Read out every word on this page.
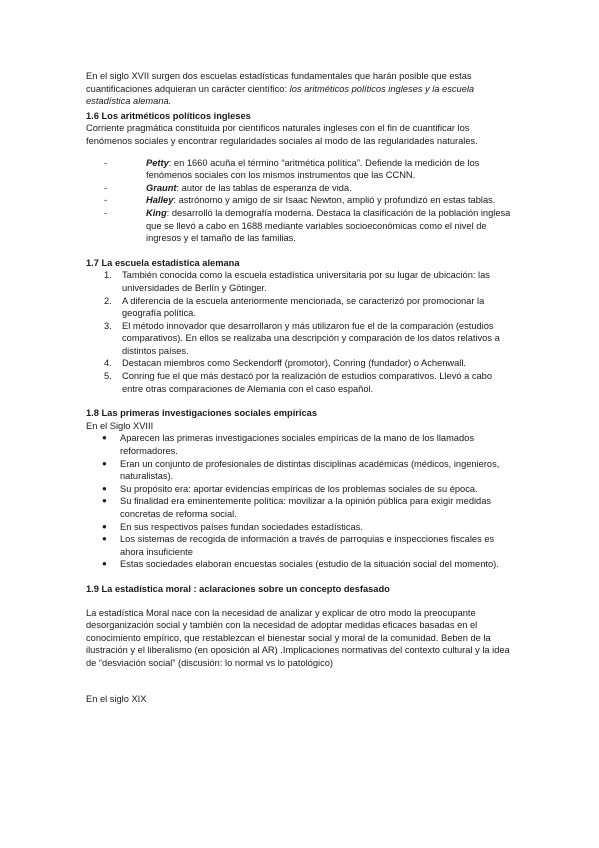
En el siglo XVII surgen dos escuelas estadísticas fundamentales que harán posible que estas cuantificaciones adquieran un carácter científico: los aritméticos políticos ingleses y la escuela estadística alemana.

1.6 Los aritméticos políticos ingleses

Corriente pragmática constituida por científicos naturales ingleses con el fin de cuantificar los fenómenos sociales y encontrar regularidades sociales al modo de las regularidades naturales.

-	Petty: en 1660 acuña el término “aritmética política”. Defiende la medición de los fenómenos sociales con los mismos instrumentos que las CCNN.
-	Graunt: autor de las tablas de esperanza de vida.
-	Halley: astrónomo y amigo de sir Isaac Newton, amplió y profundizó en estas tablas.
-	King: desarrolló la demografía moderna. Destaca la clasificación de la población inglesa que se llevó a cabo en 1688 mediante variables socioeconómicas como el nivel de ingresos y el tamaño de las familias.
1.7 La escuela estadística alemana
1. También conocida como la escuela estadística universitaria por su lugar de ubicación: las universidades de Berlín y Götinger.
2. A diferencia de la escuela anteriormente mencionada, se caracterizó por promocionar la geografía política.
3. El método innovador que desarrollaron y más utilizaron fue el de la comparación (estudios comparativos). En ellos se realizaba una descripción y comparación de los datos relativos a distintos países.
4. Destacan miembros como Seckendorff (promotor), Conring (fundador) o Achenwall.
5. Conring fue el que más destacó por la realización de estudios comparativos. Llevó a cabo entre otras comparaciones de Alemania con el caso español.
1.8 Las primeras investigaciones sociales empíricas

En el Siglo XVIII

● Aparecen las primeras investigaciones sociales empíricas de la mano de los llamados reformadores.
● Eran un conjunto de profesionales de distintas disciplinas académicas (médicos, ingenieros, naturalistas).
● Su propósito era: aportar evidencias empíricas de los problemas sociales de su época.
● Su finalidad era eminentemente política: movilizar a la opinión pública para exigir medidas concretas de reforma social.
● En sus respectivos países fundan sociedades estadísticas.
● Los sistemas de recogida de información a través de parroquias e inspecciones fiscales es ahora insuficiente
● Estas sociedades elaboran encuestas sociales (estudio de la situación social del momento).
1.9 La estadística moral : aclaraciones sobre un concepto desfasado

La estadística Moral nace con la necesidad de analizar y explicar de otro modo la preocupante desorganización social y también con la necesidad de adoptar medidas eficaces basadas en el conocimiento empírico, que restablezcan el bienestar social y moral de la comunidad. Beben de la ilustración y el liberalismo (en oposición al AR) .Implicaciones normativas del contexto cultural y la idea de “desviación social” (discusión: lo normal vs lo patológico)

En el siglo XIX
